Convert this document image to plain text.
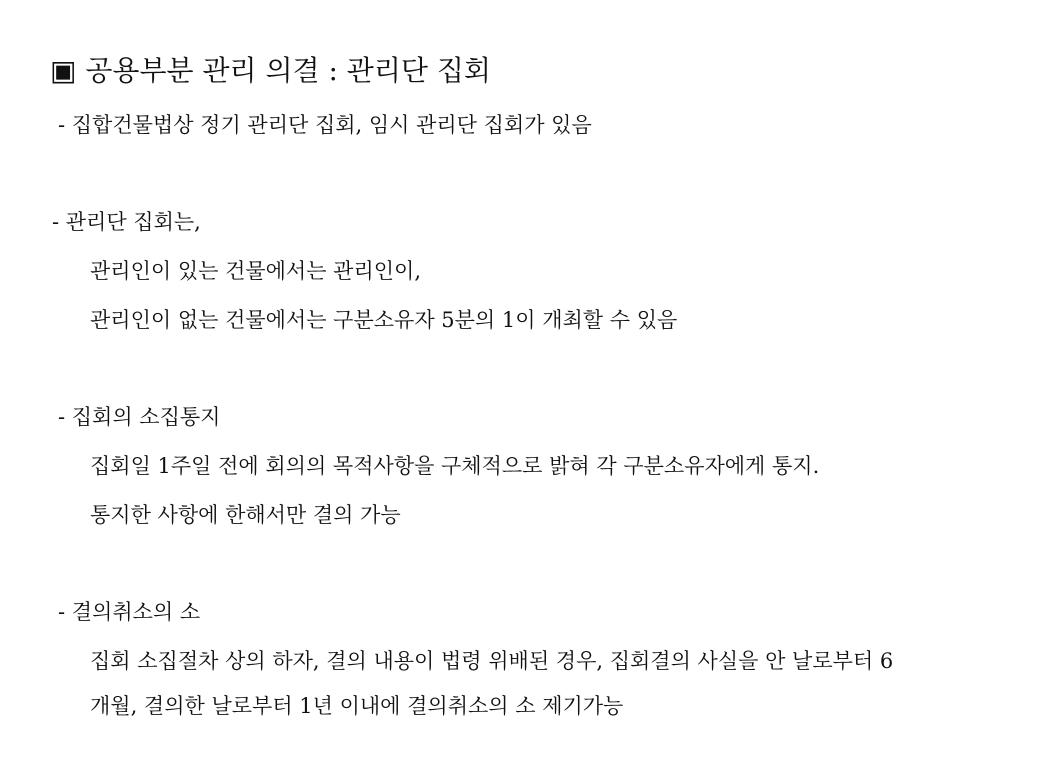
▣ 공용부분 관리 의결 : 관리단 집회
- 집합건물법상 정기 관리단 집회, 임시 관리단 집회가 있음
- 관리단 집회는,
관리인이 있는 건물에서는 관리인이,
관리인이 없는 건물에서는 구분소유자 5분의 1이 개최할 수 있음
- 집회의 소집통지
집회일 1주일 전에 회의의 목적사항을 구체적으로 밝혀 각 구분소유자에게 통지.
통지한 사항에 한해서만 결의 가능
- 결의취소의 소
집회 소집절차 상의 하자, 결의 내용이 법령 위배된 경우, 집회결의 사실을 안 날로부터 6
개월, 결의한 날로부터 1년 이내에 결의취소의 소 제기가능
